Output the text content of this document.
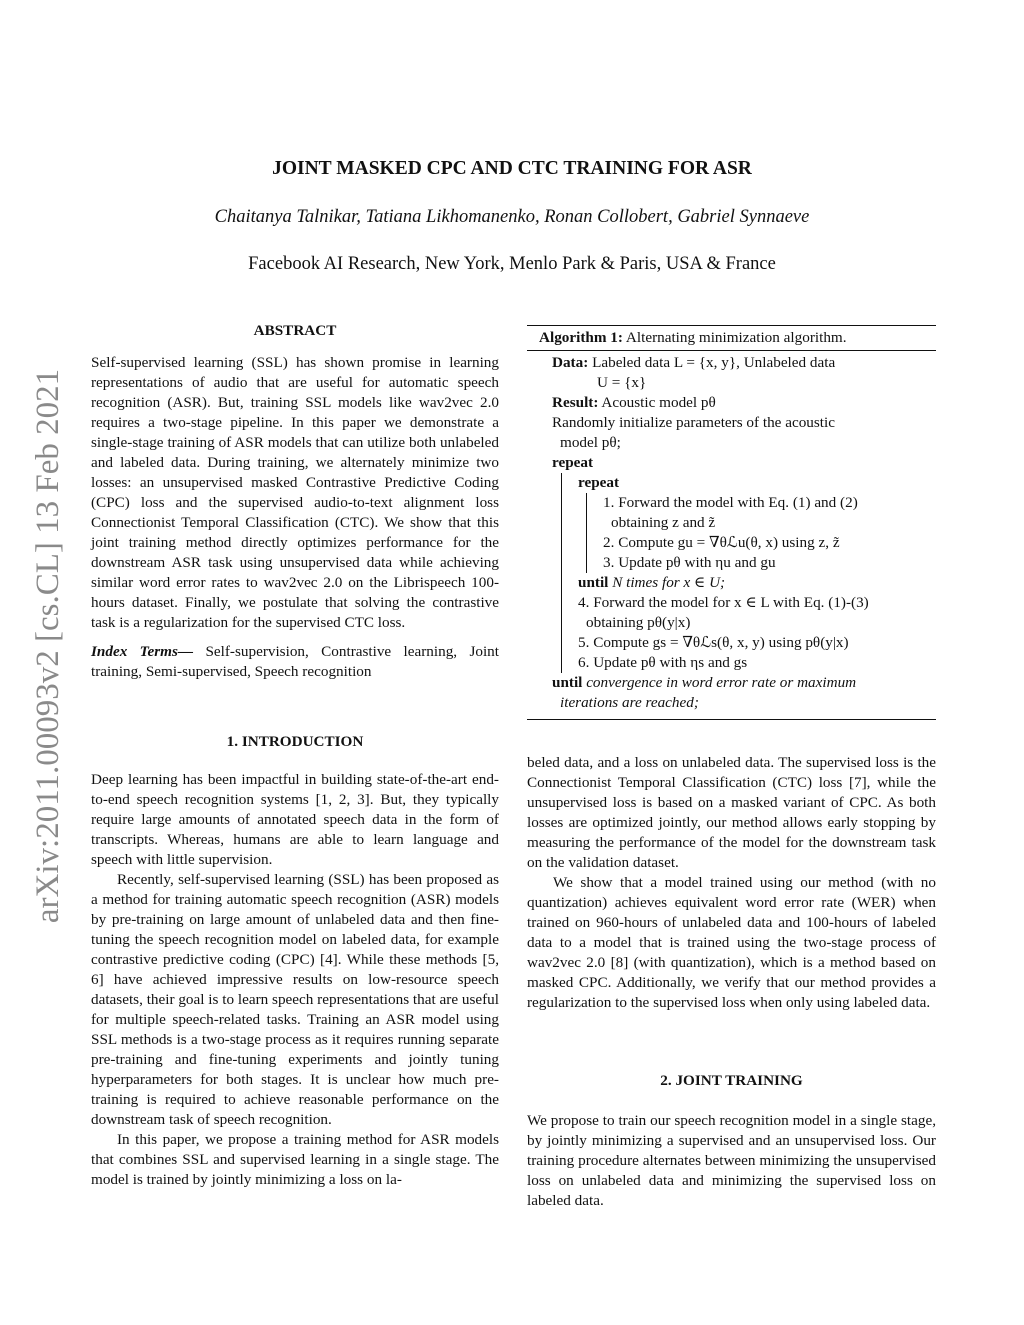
arXiv:2011.00093v2 [cs.CL] 13 Feb 2021
JOINT MASKED CPC AND CTC TRAINING FOR ASR
Chaitanya Talnikar, Tatiana Likhomanenko, Ronan Collobert, Gabriel Synnaeve
Facebook AI Research, New York, Menlo Park & Paris, USA & France
ABSTRACT

Self-supervised learning (SSL) has shown promise in learning representations of audio that are useful for automatic speech recognition (ASR). But, training SSL models like wav2vec 2.0 requires a two-stage pipeline. In this paper we demonstrate a single-stage training of ASR models that can utilize both unlabeled and labeled data. During training, we alternately minimize two losses: an unsupervised masked Contrastive Predictive Coding (CPC) loss and the supervised audio-to-text alignment loss Connectionist Temporal Classification (CTC). We show that this joint training method directly optimizes performance for the downstream ASR task using unsupervised data while achieving similar word error rates to wav2vec 2.0 on the Librispeech 100-hours dataset. Finally, we postulate that solving the contrastive task is a regularization for the supervised CTC loss.

Index Terms— Self-supervision, Contrastive learning, Joint training, Semi-supervised, Speech recognition

1. INTRODUCTION

Deep learning has been impactful in building state-of-the-art end-to-end speech recognition systems [1, 2, 3]. But, they typically require large amounts of annotated speech data in the form of transcripts. Whereas, humans are able to learn language and speech with little supervision.

Recently, self-supervised learning (SSL) has been proposed as a method for training automatic speech recognition (ASR) models by pre-training on large amount of unlabeled data and then fine-tuning the speech recognition model on labeled data, for example contrastive predictive coding (CPC) [4]. While these methods [5, 6] have achieved impressive results on low-resource speech datasets, their goal is to learn speech representations that are useful for multiple speech-related tasks. Training an ASR model using SSL methods is a two-stage process as it requires running separate pre-training and fine-tuning experiments and jointly tuning hyperparameters for both stages. It is unclear how much pre-training is required to achieve reasonable performance on the downstream task of speech recognition.

In this paper, we propose a training method for ASR models that combines SSL and supervised learning in a single stage. The model is trained by jointly minimizing a loss on la-

Algorithm 1: Alternating minimization algorithm.
Data: Labeled data L = {x, y}, Unlabeled data
U = {x}
Result: Acoustic model pθ
Randomly initialize parameters of the acoustic
model pθ;
repeat
repeat
1. Forward the model with Eq. (1) and (2)
obtaining z and z̃
2. Compute gu = ∇θℒu(θ, x) using z, z̃
3. Update pθ with ηu and gu
until N times for x ∈ U;
4. Forward the model for x ∈ L with Eq. (1)-(3)
obtaining pθ(y|x)
5. Compute gs = ∇θℒs(θ, x, y) using pθ(y|x)
6. Update pθ with ηs and gs
until convergence in word error rate or maximum
iterations are reached;

beled data, and a loss on unlabeled data. The supervised loss is the Connectionist Temporal Classification (CTC) loss [7], while the unsupervised loss is based on a masked variant of CPC. As both losses are optimized jointly, our method allows early stopping by measuring the performance of the model for the downstream task on the validation dataset.

We show that a model trained using our method (with no quantization) achieves equivalent word error rate (WER) when trained on 960-hours of unlabeled data and 100-hours of labeled data to a model that is trained using the two-stage process of wav2vec 2.0 [8] (with quantization), which is a method based on masked CPC. Additionally, we verify that our method provides a regularization to the supervised loss when only using labeled data.

2. JOINT TRAINING

We propose to train our speech recognition model in a single stage, by jointly minimizing a supervised and an unsupervised loss. Our training procedure alternates between minimizing the unsupervised loss on unlabeled data and minimizing the supervised loss on labeled data.
